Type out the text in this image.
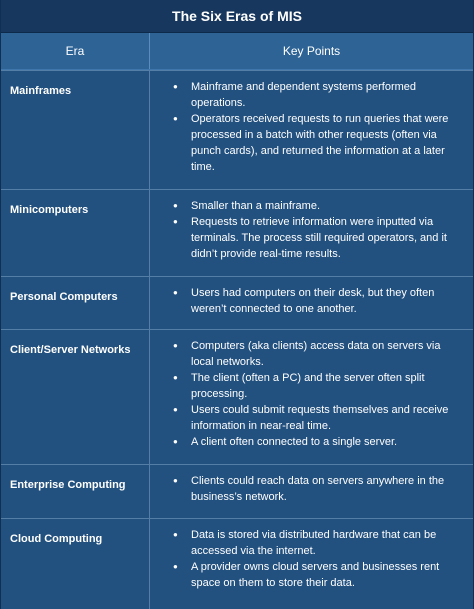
The Six Eras of MIS
Era	Key Points
Mainframes	● Mainframe and dependent systems performed operations.
● Operators received requests to run queries that were processed in a batch with other requests (often via punch cards), and returned the information at a later time.
Minicomputers	● Smaller than a mainframe.
● Requests to retrieve information were inputted via terminals. The process still required operators, and it didn’t provide real-time results.
Personal Computers	● Users had computers on their desk, but they often weren’t connected to one another.
Client/Server Networks	● Computers (aka clients) access data on servers via local networks.
● The client (often a PC) and the server often split processing.
● Users could submit requests themselves and receive information in near-real time.
● A client often connected to a single server.
Enterprise Computing	● Clients could reach data on servers anywhere in the business’s network.
Cloud Computing	● Data is stored via distributed hardware that can be accessed via the internet.
● A provider owns cloud servers and businesses rent space on them to store their data.
